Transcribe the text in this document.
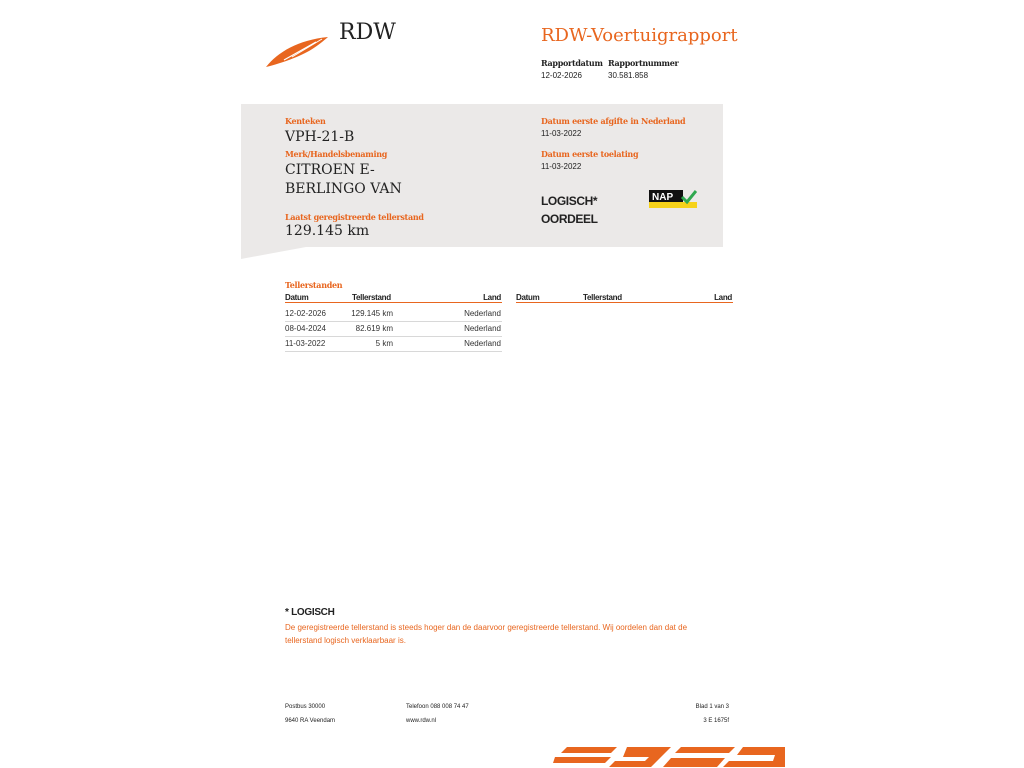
RDW	RDW-Voertuigrapport
Rapportdatum
12-02-2026
Rapportnummer
30.581.858
Kenteken
VPH-21-B
Merk/Handelsbenaming
CITROEN E-
BERLINGO VAN
Laatst geregistreerde tellerstand
129.145 km
Datum eerste afgifte in Nederland
11-03-2022
Datum eerste toelating
11-03-2022
LOGISCH*
OORDEEL
NAP
Tellerstanden
Datum	Tellerstand	Land Datum	Tellerstand	Land
12-02-2026	129.145 km	Nederland
08-04-2024	82.619 km	Nederland
11-03-2022	5 km	Nederland
* LOGISCH
De geregistreerde tellerstand is steeds hoger dan de daarvoor geregistreerde tellerstand. Wij oordelen dan dat de tellerstand logisch verklaarbaar is.
Postbus 30000
9640 RA Veendam
Telefoon 088 008 74 47
www.rdw.nl
Blad 1 van 3
3 E 1675f
